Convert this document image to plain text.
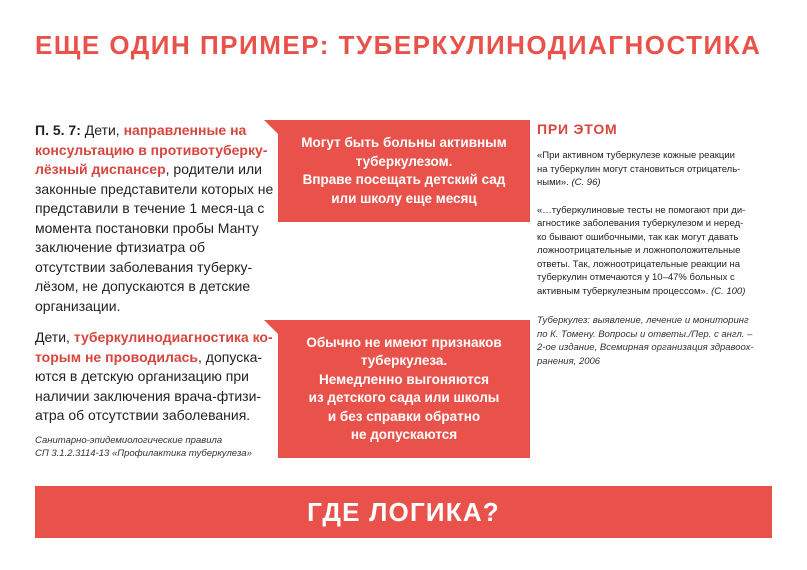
ЕЩЕ ОДИН ПРИМЕР: ТУБЕРКУЛИНОДИАГНОСТИКА

П. 5. 7: Дети, направленные на консультацию в противотуберку-лёзный диспансер, родители или законные представители которых не представили в течение 1 меся-ца с момента постановки пробы Манту заключение фтизиатра об отсутствии заболевания туберку-лёзом, не допускаются в детские организации.

Дети, туберкулинодиагностика ко-торым не проводилась, допуска-ются в детскую организацию при наличии заключения врача-фтизи-атра об отсутствии заболевания.

Санитарно-эпидемиологические правила
СП 3.1.2.3114-13 «Профилактика туберкулеза»
Могут быть больны активным
туберкулезом.
Вправе посещать детский сад
или школу еще месяц
Обычно не имеют признаков
туберкулеза.
Немедленно выгоняются
из детского сада или школы
и без справки обратно
не допускаются
ПРИ ЭТОМ
«При активном туберкулезе кожные реакции
на туберкулин могут становиться отрицатель-
ными». (С. 96)
«…туберкулиновые тесты не помогают при ди-
агностике заболевания туберкулезом и неред-
ко бывают ошибочными, так как могут давать
ложноотрицательные и ложноположительные
ответы. Так, ложноотрицательные реакции на
туберкулин отмечаются у 10–47% больных с
активным туберкулезным процессом». (С. 100)
Туберкулез: выявление, лечение и мониторинг
по К. Томену. Вопросы и ответы./Пер. с англ. –
2-ое издание, Всемирная организация здравоох-
ранения, 2006
ГДЕ ЛОГИКА?
